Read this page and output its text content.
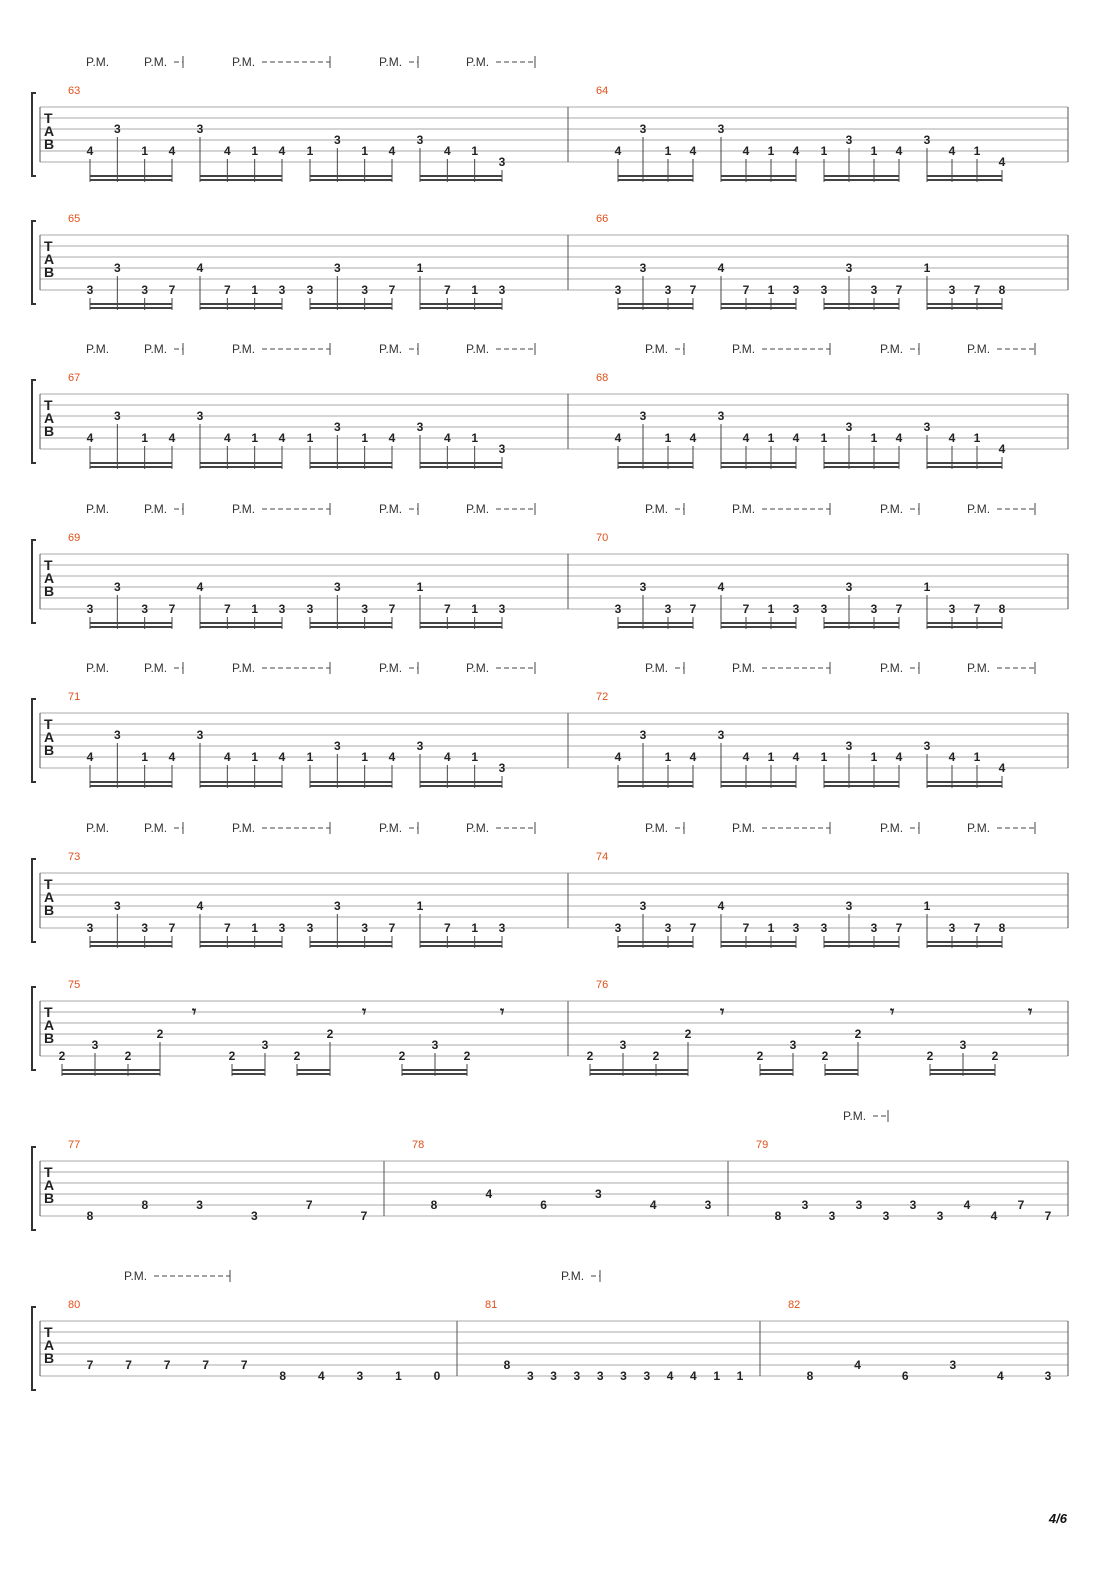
T
A
B
P.M.	P.M.	P.M.	P.M.	P.M.
63
4
3
1 4
3
4 1 4 1
3
1 4
3
4 1
3
64
4
3
1 4
3
4 1 4 1
3
1 4
3
4 1
4
T
A
B
65
3
3
3 7
4
7 1 3 3
3
3 7
1
7 1 3
66
3
3
3 7
4
7 1 3 3
3
3 7
1
3 7 8
T
A
B
P.M.	P.M.	P.M.	P.M.	P.M.	P.M.	P.M.	P.M.	P.M.
67
4
3
1 4
3
4 1 4 1
3
1 4
3
4 1
3
68
4
3
1 4
3
4 1 4 1
3
1 4
3
4 1
4
T
A
B
P.M.	P.M.	P.M.	P.M.	P.M.	P.M.	P.M.	P.M.	P.M.
69
3
3
3 7
4
7 1 3 3
3
3 7
1
7 1 3
70
3
3
3 7
4
7 1 3 3
3
3 7
1
3 7 8
T
A
B
P.M.	P.M.	P.M.	P.M.	P.M.	P.M.	P.M.	P.M.	P.M.
71
4
3
1 4
3
4 1 4 1
3
1 4
3
4 1
3
72
4
3
1 4
3
4 1 4 1
3
1 4
3
4 1
4
T
A
B
P.M.	P.M.	P.M.	P.M.	P.M.	P.M.	P.M.	P.M.	P.M.
73
3
3
3 7
4
7 1 3 3
3
3 7
1
7 1 3
74
3
3
3 7
4
7 1 3 3
3
3 7
1
3 7 8
T
A
B
75
2
3
2
2
2
3
2
2
2
3
2
𝄾	𝄾	𝄾
76
2
3
2
2
2
3
2
2
2
3
2
𝄾	𝄾	𝄾
T
A
B
77
8
8	3
3
7
7
78
8
4
6
3
4	3
79
P.M.
8
3
3
3
3
3
3
4
4
7
7
T
A
B
80
P.M.
7	7	7	7	7
8	4	3	1	0
81
P.M.
8
3 3 3 3 3 3 4 4 1 1
82
8
4
6
3
4	3
4/6
